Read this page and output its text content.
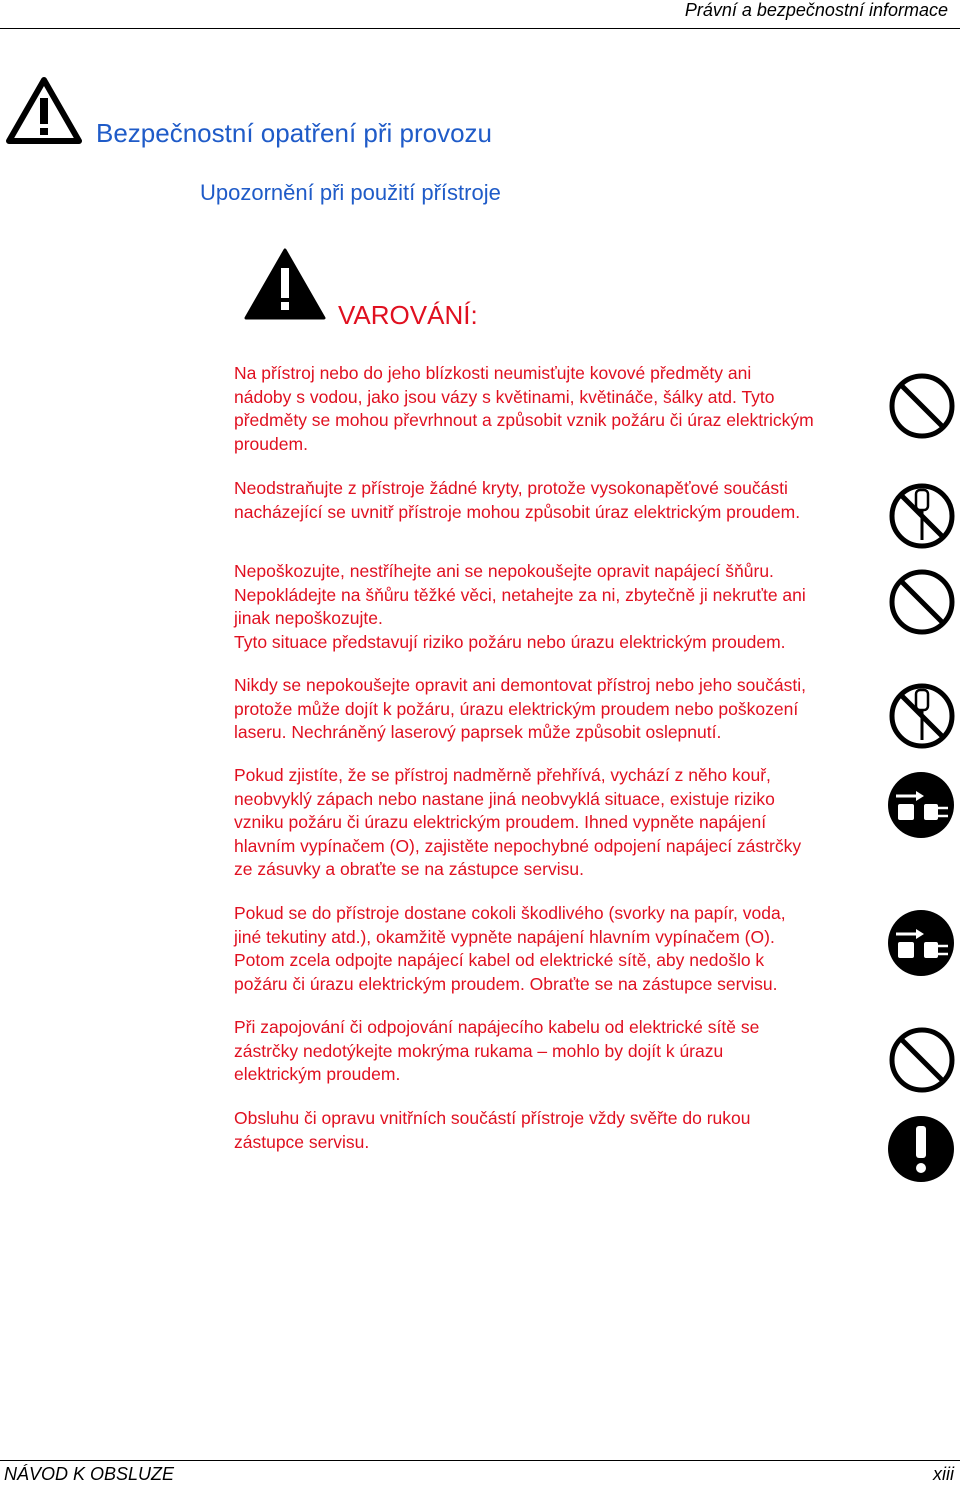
Právní a bezpečnostní informace
Bezpečnostní opatření při provozu
Upozornění při použití přístroje
VAROVÁNÍ:
Na přístroj nebo do jeho blízkosti neumisťujte kovové předměty ani
nádoby s vodou, jako jsou vázy s květinami, květináče, šálky atd. Tyto
předměty se mohou převrhnout a způsobit vznik požáru či úraz elektrickým
proudem.
Neodstraňujte z přístroje žádné kryty, protože vysokonapěťové součásti
nacházející se uvnitř přístroje mohou způsobit úraz elektrickým proudem.
Nepoškozujte, nestříhejte ani se nepokoušejte opravit napájecí šňůru.
Nepokládejte na šňůru těžké věci, netahejte za ni, zbytečně ji nekruťte ani
jinak nepoškozujte.
Tyto situace představují riziko požáru nebo úrazu elektrickým proudem.
Nikdy se nepokoušejte opravit ani demontovat přístroj nebo jeho součásti,
protože může dojít k požáru, úrazu elektrickým proudem nebo poškození
laseru. Nechráněný laserový paprsek může způsobit oslepnutí.
Pokud zjistíte, že se přístroj nadměrně přehřívá, vychází z něho kouř,
neobvyklý zápach nebo nastane jiná neobvyklá situace, existuje riziko
vzniku požáru či úrazu elektrickým proudem. Ihned vypněte napájení
hlavním vypínačem (O), zajistěte nepochybné odpojení napájecí zástrčky
ze zásuvky a obraťte se na zástupce servisu.
Pokud se do přístroje dostane cokoli škodlivého (svorky na papír, voda,
jiné tekutiny atd.), okamžitě vypněte napájení hlavním vypínačem (O).
Potom zcela odpojte napájecí kabel od elektrické sítě, aby nedošlo k
požáru či úrazu elektrickým proudem. Obraťte se na zástupce servisu.
Při zapojování či odpojování napájecího kabelu od elektrické sítě se
zástrčky nedotýkejte mokrýma rukama – mohlo by dojít k úrazu
elektrickým proudem.
Obsluhu či opravu vnitřních součástí přístroje vždy svěřte do rukou
zástupce servisu.
NÁVOD K OBSLUZE	xiii
